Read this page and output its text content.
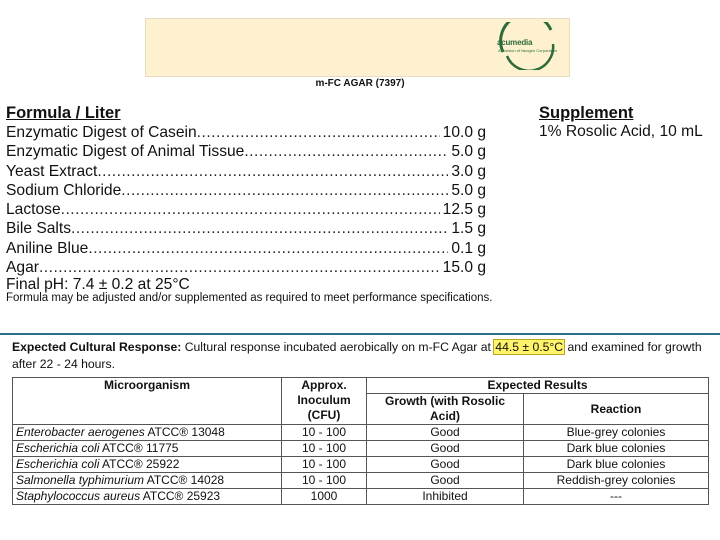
acumedia
A Division of Neogen Corporation
m-FC AGAR (7397)
Formula / Liter	Supplement
Enzymatic Digest of Casein .....	10.0 g
Enzymatic Digest of Animal Tissue .....	5.0 g
Yeast Extract .....	3.0 g
Sodium Chloride .....	5.0 g
Lactose .....	12.5 g
Bile Salts .....	1.5 g
Aniline Blue .....	0.1 g
Agar .....	15.0 g
Final pH: 7.4 ± 0.2 at 25°C
Formula may be adjusted and/or supplemented as required to meet performance specifications.
1% Rosolic Acid, 10 mL
Expected Cultural Response: Cultural response incubated aerobically on m-FC Agar at 44.5 ± 0.5°C and examined for growth after 22 - 24 hours.
Microorganism	Approx. Inoculum (CFU)	Expected Results	
		Growth (with Rosolic Acid)	Reaction
Enterobacter aerogenes ATCC® 13048	10 - 100	Good	Blue-grey colonies
Escherichia coli ATCC® 11775	10 - 100	Good	Dark blue colonies
Escherichia coli ATCC® 25922	10 - 100	Good	Dark blue colonies
Salmonella typhimurium ATCC® 14028	10 - 100	Good	Reddish-grey colonies
Staphylococcus aureus ATCC® 25923	1000	Inhibited	---
